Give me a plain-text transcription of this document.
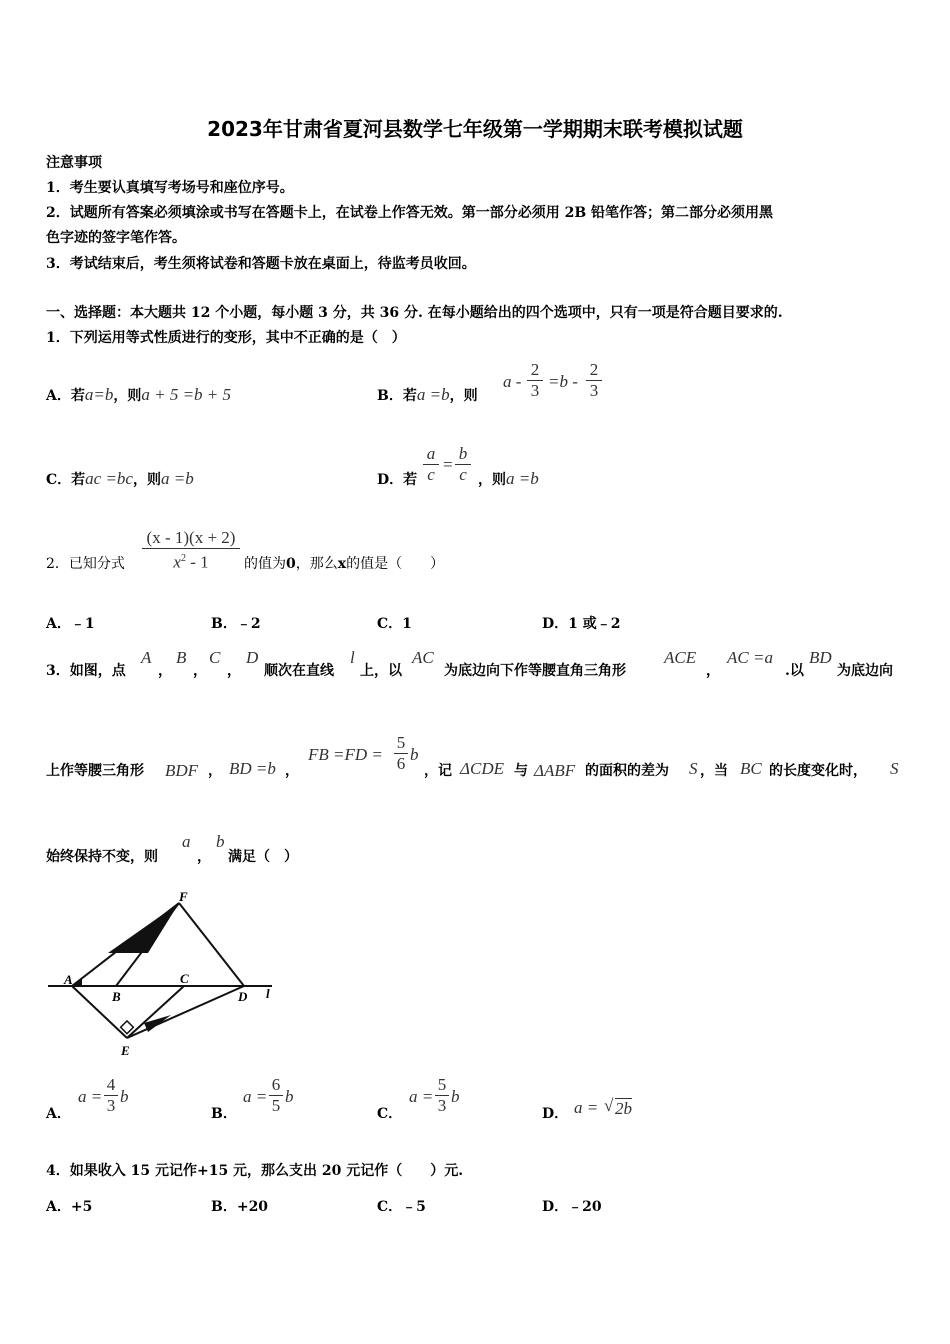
2023年甘肃省夏河县数学七年级第一学期期末联考模拟试题
注意事项
1．考生要认真填写考场号和座位序号。
2．试题所有答案必须填涂或书写在答题卡上，在试卷上作答无效。第一部分必须用 2B 铅笔作答；第二部分必须用黑
色字迹的签字笔作答。
3．考试结束后，考生须将试卷和答题卡放在桌面上，待监考员收回。
一、选择题：本大题共 12 个小题，每小题 3 分，共 36 分. 在每小题给出的四个选项中，只有一项是符合题目要求的.
1．下列运用等式性质进行的变形，其中不正确的是（　）
A．若a=b，则a + 5 =b + 5	B．若a =b，则
a -
2
3 =b -
2
3
C．若ac =bc，则a =b	D．若
a
c
=
b
c ，则a =b
2．已知分式
(x - 1)(x + 2)
$x^2 - 1$	的值为0，那么x的值是（　　）
A．﹣1	B．﹣2	C．1	D．1 或﹣2
3．如图，点
A
，
B
，
C
，
D
顺次在直线
l
上，以
AC
为底边向下作等腰直角三角形
ACE
，
AC =a
.以
BD
为底边向
上作等腰三角形 BDF ， BD =b ，
FB =FD =
5
6 b
，记 ΔCDE 与 ΔABF 的面积的差为 S ，当 BC 的长度变化时， S
始终保持不变，则
a
，
b
满足（　）
F
A
B
C
D l
E
A．
a =
4
3 b
B．
a =
6
5 b
C．
a =
5
3 b
D． a = √ 2b
4．如果收入 15 元记作+15 元，那么支出 20 元记作（　　）元.
A．+5	B．+20	C．﹣5	D．﹣20
